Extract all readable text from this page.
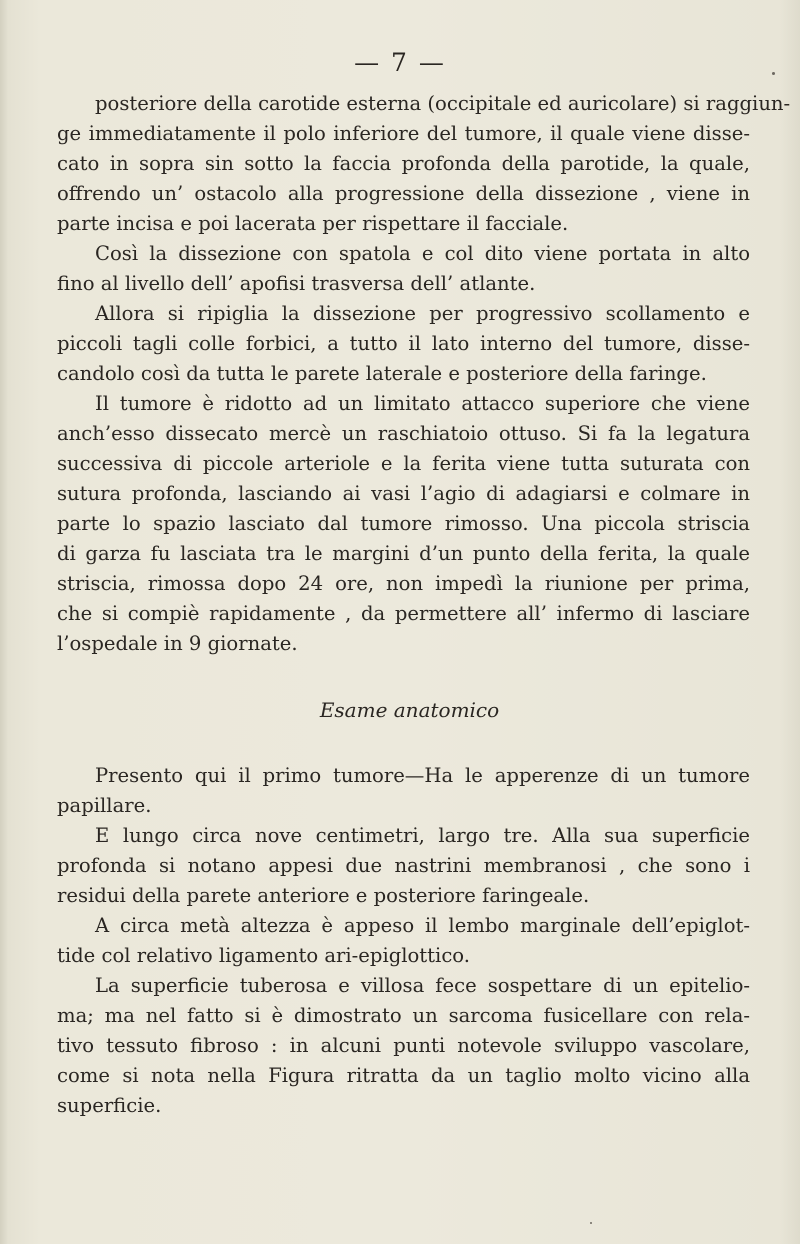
— 7 —
posteriore della carotide esterna (occipitale ed auricolare) si raggiun-
ge immediatamente il polo inferiore del tumore, il quale viene disse-
cato in sopra sin sotto la faccia profonda della parotide, la quale,
offrendo un’ ostacolo alla progressione della dissezione , viene in
parte incisa e poi lacerata per rispettare il facciale.
Così la dissezione con spatola e col dito viene portata in alto
fino al livello dell’ apofisi trasversa dell’ atlante.
Allora si ripiglia la dissezione per progressivo scollamento e
piccoli tagli colle forbici, a tutto il lato interno del tumore, disse-
candolo così da tutta le parete laterale e posteriore della faringe.
Il tumore è ridotto ad un limitato attacco superiore che viene
anch’esso dissecato mercè un raschiatoio ottuso. Si fa la legatura
successiva di piccole arteriole e la ferita viene tutta suturata con
sutura profonda, lasciando ai vasi l’agio di adagiarsi e colmare in
parte lo spazio lasciato dal tumore rimosso. Una piccola striscia
di garza fu lasciata tra le margini d’un punto della ferita, la quale
striscia, rimossa dopo 24 ore, non impedì la riunione per prima,
che si compiè rapidamente , da permettere all’ infermo di lasciare
l’ospedale in 9 giornate.
Esame anatomico
Presento qui il primo tumore—Ha le apperenze di un tumore
papillare.
E lungo circa nove centimetri, largo tre. Alla sua superficie
profonda si notano appesi due nastrini membranosi , che sono i
residui della parete anteriore e posteriore faringeale.
A circa metà altezza è appeso il lembo marginale dell’epiglot-
tide col relativo ligamento ari-epiglottico.
La superficie tuberosa e villosa fece sospettare di un epitelio-
ma; ma nel fatto si è dimostrato un sarcoma fusicellare con rela-
tivo tessuto fibroso : in alcuni punti notevole sviluppo vascolare,
come si nota nella Figura ritratta da un taglio molto vicino alla
superficie.
